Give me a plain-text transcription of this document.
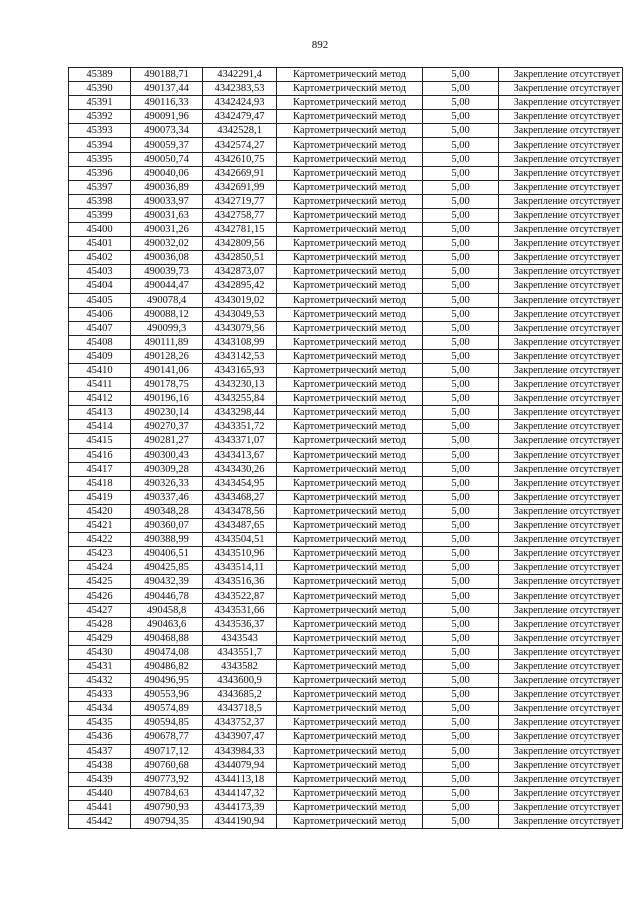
892
45389	490188,71	4342291,4	Картометрический метод	5,00	Закрепление отсутствует
45390	490137,44	4342383,53	Картометрический метод	5,00	Закрепление отсутствует
45391	490116,33	4342424,93	Картометрический метод	5,00	Закрепление отсутствует
45392	490091,96	4342479,47	Картометрический метод	5,00	Закрепление отсутствует
45393	490073,34	4342528,1	Картометрический метод	5,00	Закрепление отсутствует
45394	490059,37	4342574,27	Картометрический метод	5,00	Закрепление отсутствует
45395	490050,74	4342610,75	Картометрический метод	5,00	Закрепление отсутствует
45396	490040,06	4342669,91	Картометрический метод	5,00	Закрепление отсутствует
45397	490036,89	4342691,99	Картометрический метод	5,00	Закрепление отсутствует
45398	490033,97	4342719,77	Картометрический метод	5,00	Закрепление отсутствует
45399	490031,63	4342758,77	Картометрический метод	5,00	Закрепление отсутствует
45400	490031,26	4342781,15	Картометрический метод	5,00	Закрепление отсутствует
45401	490032,02	4342809,56	Картометрический метод	5,00	Закрепление отсутствует
45402	490036,08	4342850,51	Картометрический метод	5,00	Закрепление отсутствует
45403	490039,73	4342873,07	Картометрический метод	5,00	Закрепление отсутствует
45404	490044,47	4342895,42	Картометрический метод	5,00	Закрепление отсутствует
45405	490078,4	4343019,02	Картометрический метод	5,00	Закрепление отсутствует
45406	490088,12	4343049,53	Картометрический метод	5,00	Закрепление отсутствует
45407	490099,3	4343079,56	Картометрический метод	5,00	Закрепление отсутствует
45408	490111,89	4343108,99	Картометрический метод	5,00	Закрепление отсутствует
45409	490128,26	4343142,53	Картометрический метод	5,00	Закрепление отсутствует
45410	490141,06	4343165,93	Картометрический метод	5,00	Закрепление отсутствует
45411	490178,75	4343230,13	Картометрический метод	5,00	Закрепление отсутствует
45412	490196,16	4343255,84	Картометрический метод	5,00	Закрепление отсутствует
45413	490230,14	4343298,44	Картометрический метод	5,00	Закрепление отсутствует
45414	490270,37	4343351,72	Картометрический метод	5,00	Закрепление отсутствует
45415	490281,27	4343371,07	Картометрический метод	5,00	Закрепление отсутствует
45416	490300,43	4343413,67	Картометрический метод	5,00	Закрепление отсутствует
45417	490309,28	4343430,26	Картометрический метод	5,00	Закрепление отсутствует
45418	490326,33	4343454,95	Картометрический метод	5,00	Закрепление отсутствует
45419	490337,46	4343468,27	Картометрический метод	5,00	Закрепление отсутствует
45420	490348,28	4343478,56	Картометрический метод	5,00	Закрепление отсутствует
45421	490360,07	4343487,65	Картометрический метод	5,00	Закрепление отсутствует
45422	490388,99	4343504,51	Картометрический метод	5,00	Закрепление отсутствует
45423	490406,51	4343510,96	Картометрический метод	5,00	Закрепление отсутствует
45424	490425,85	4343514,11	Картометрический метод	5,00	Закрепление отсутствует
45425	490432,39	4343516,36	Картометрический метод	5,00	Закрепление отсутствует
45426	490446,78	4343522,87	Картометрический метод	5,00	Закрепление отсутствует
45427	490458,8	4343531,66	Картометрический метод	5,00	Закрепление отсутствует
45428	490463,6	4343536,37	Картометрический метод	5,00	Закрепление отсутствует
45429	490468,88	4343543	Картометрический метод	5,00	Закрепление отсутствует
45430	490474,08	4343551,7	Картометрический метод	5,00	Закрепление отсутствует
45431	490486,82	4343582	Картометрический метод	5,00	Закрепление отсутствует
45432	490496,95	4343600,9	Картометрический метод	5,00	Закрепление отсутствует
45433	490553,96	4343685,2	Картометрический метод	5,00	Закрепление отсутствует
45434	490574,89	4343718,5	Картометрический метод	5,00	Закрепление отсутствует
45435	490594,85	4343752,37	Картометрический метод	5,00	Закрепление отсутствует
45436	490678,77	4343907,47	Картометрический метод	5,00	Закрепление отсутствует
45437	490717,12	4343984,33	Картометрический метод	5,00	Закрепление отсутствует
45438	490760,68	4344079,94	Картометрический метод	5,00	Закрепление отсутствует
45439	490773,92	4344113,18	Картометрический метод	5,00	Закрепление отсутствует
45440	490784,63	4344147,32	Картометрический метод	5,00	Закрепление отсутствует
45441	490790,93	4344173,39	Картометрический метод	5,00	Закрепление отсутствует
45442	490794,35	4344190,94	Картометрический метод	5,00	Закрепление отсутствует
